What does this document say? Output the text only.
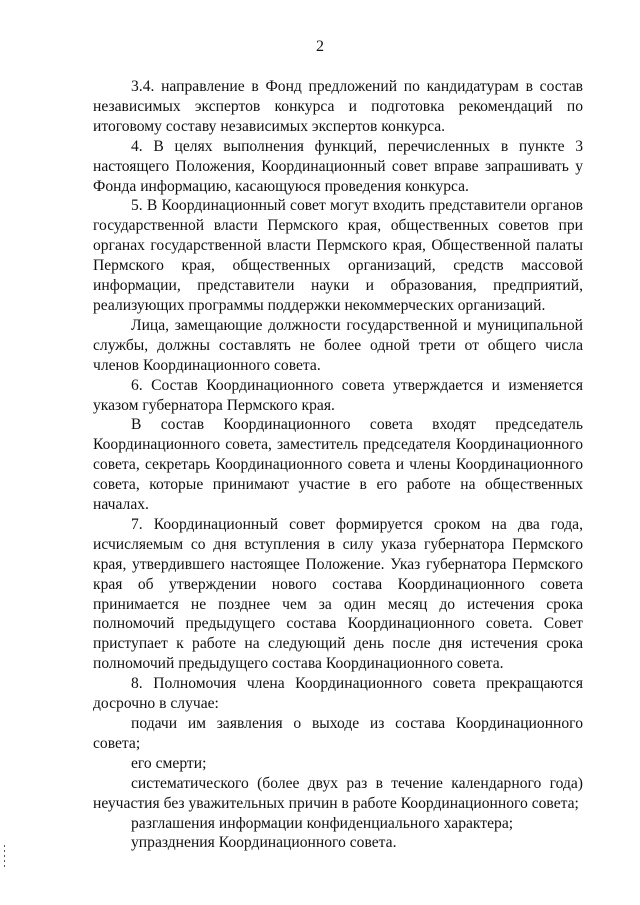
2

3.4. направление в Фонд предложений по кандидатурам в состав независимых экспертов конкурса и подготовка рекомендаций по итоговому составу независимых экспертов конкурса.

4. В целях выполнения функций, перечисленных в пункте 3 настоящего Положения, Координационный совет вправе запрашивать у Фонда информацию, касающуюся проведения конкурса.

5. В Координационный совет могут входить представители органов государственной власти Пермского края, общественных советов при органах государственной власти Пермского края, Общественной палаты Пермского края, общественных организаций, средств массовой информации, представители науки и образования, предприятий, реализующих программы поддержки некоммерческих организаций.

Лица, замещающие должности государственной и муниципальной службы, должны составлять не более одной трети от общего числа членов Координационного совета.

6. Состав Координационного совета утверждается и изменяется указом губернатора Пермского края.

В состав Координационного совета входят председатель Координационного совета, заместитель председателя Координационного совета, секретарь Координационного совета и члены Координационного совета, которые принимают участие в его работе на общественных началах.

7. Координационный совет формируется сроком на два года, исчисляемым со дня вступления в силу указа губернатора Пермского края, утвердившего настоящее Положение. Указ губернатора Пермского края об утверждении нового состава Координационного совета принимается не позднее чем за один месяц до истечения срока полномочий предыдущего состава Координационного совета. Совет приступает к работе на следующий день после дня истечения срока полномочий предыдущего состава Координационного совета.

8. Полномочия члена Координационного совета прекращаются досрочно в случае:

подачи им заявления о выходе из состава Координационного совета;

его смерти;

систематического (более двух раз в течение календарного года) неучастия без уважительных причин в работе Координационного совета;

разглашения информации конфиденциального характера;

упразднения Координационного совета.
